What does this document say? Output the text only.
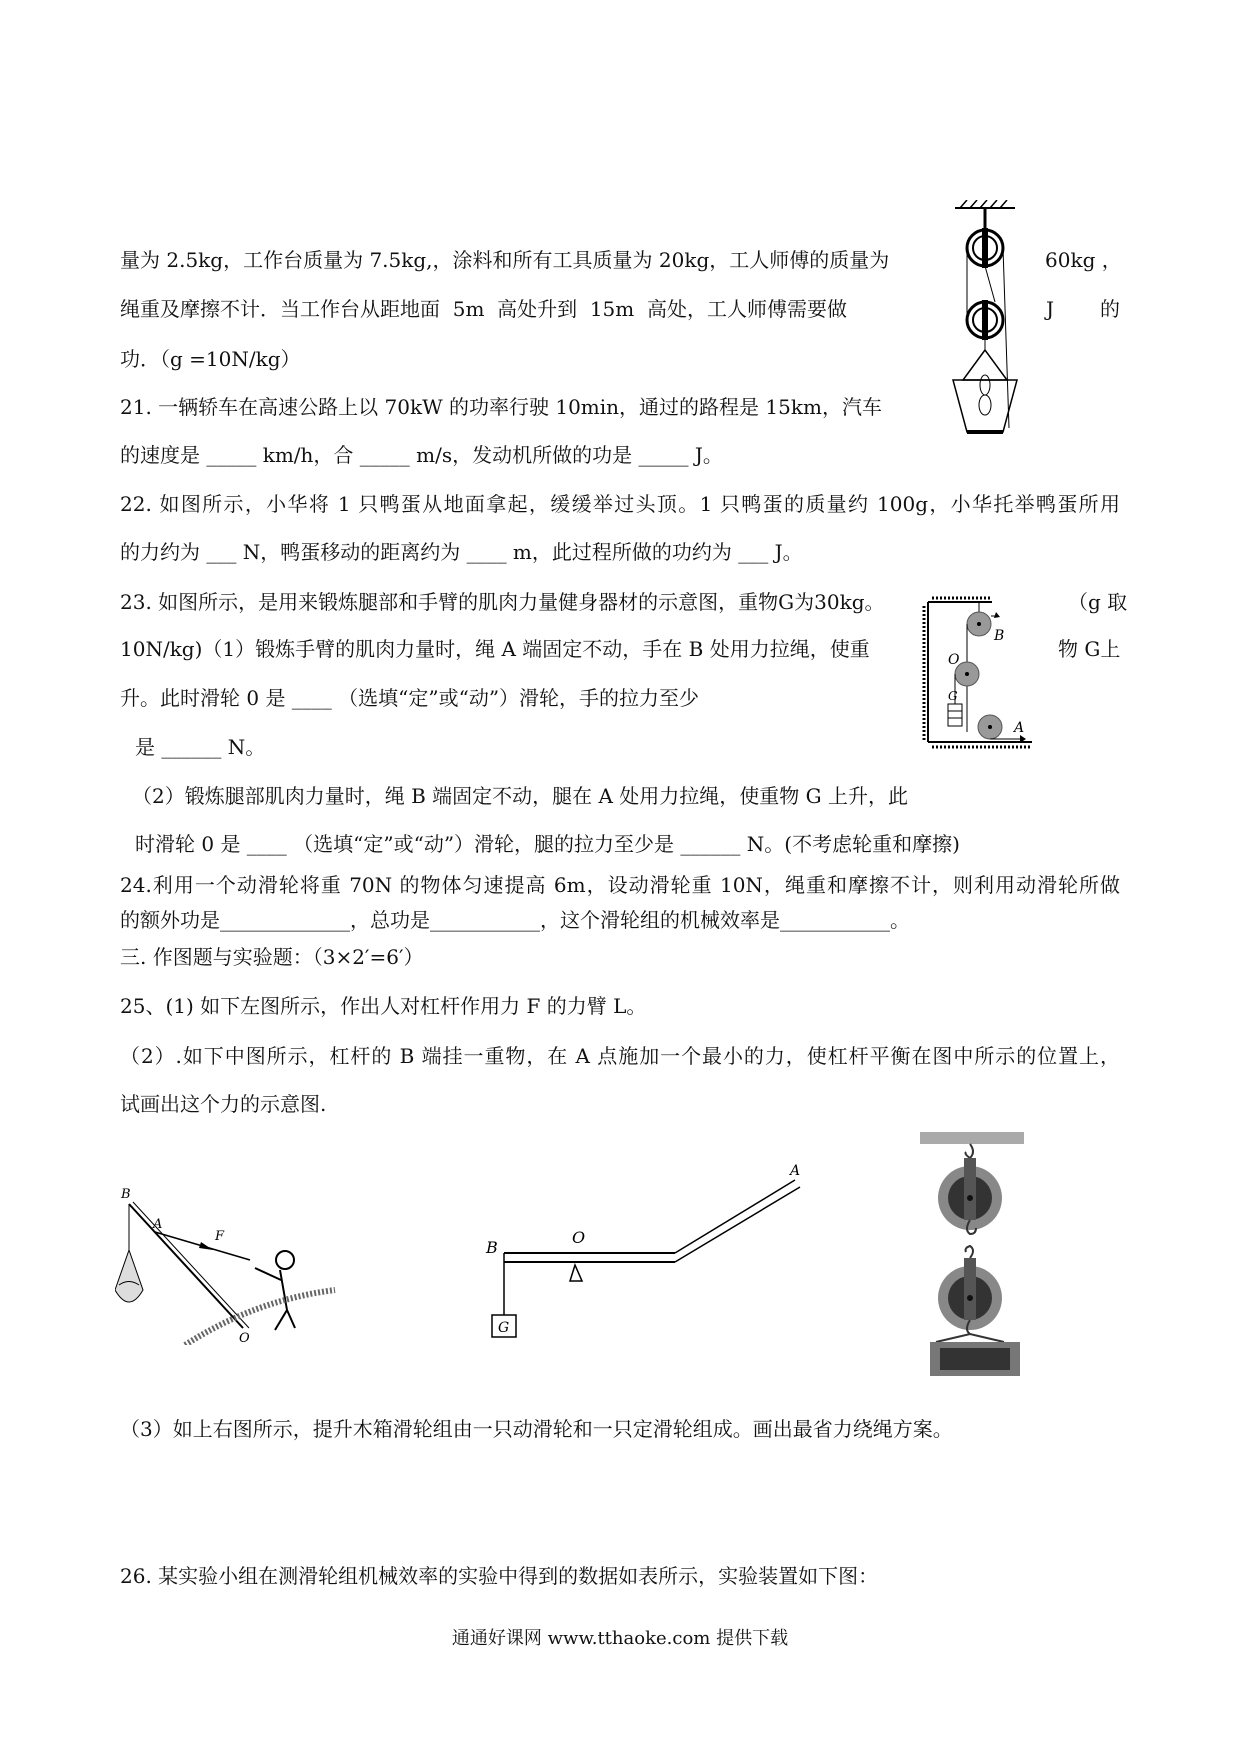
量为 2.5kg，工作台质量为 7.5kg,，涂料和所有工具质量为 20kg，工人师傅的质量为	60kg ，
绳重及摩擦不计．当工作台从距地面  5m  高处升到  15m  高处，工人师傅需要做	J 的
功．（g =10N/kg）
21. 一辆轿车在高速公路上以 70kW 的功率行驶 10min，通过的路程是 15km，汽车
的速度是 _____ km/h，合 _____ m/s，发动机所做的功是 _____ J。
22. 如图所示，小华将 1 只鸭蛋从地面拿起，缓缓举过头顶。1 只鸭蛋的质量约 100g，小华托举鸭蛋所用
的力约为 ___ N，鸭蛋移动的距离约为 ____ m，此过程所做的功约为 ___ J。
23. 如图所示，是用来锻炼腿部和手臂的肌肉力量健身器材的示意图，重物G为30kg。	（g 取
10N/kg)（1）锻炼手臂的肌肉力量时，绳 A 端固定不动，手在 B 处用力拉绳，使重	物 G上
升。此时滑轮 0 是 ____ （选填“定”或“动”）滑轮，手的拉力至少
是 ______ N。
（2）锻炼腿部肌肉力量时，绳 B 端固定不动，腿在 A 处用力拉绳，使重物 G 上升，此
时滑轮 0 是 ____ （选填“定”或“动”）滑轮，腿的拉力至少是 ______ N。(不考虑轮重和摩擦)
24.利用一个动滑轮将重 70N 的物体匀速提高 6m，设动滑轮重 10N，绳重和摩擦不计，则利用动滑轮所做
的额外功是_____________，总功是___________，这个滑轮组的机械效率是___________。
三. 作图题与实验题：（3×2′=6′）
25、(1) 如下左图所示，作出人对杠杆作用力 F 的力臂 L。
（2）.如下中图所示，杠杆的 B 端挂一重物，在 A 点施加一个最小的力，使杠杆平衡在图中所示的位置上，
试画出这个力的示意图.
（3）如上右图所示，提升木箱滑轮组由一只动滑轮和一只定滑轮组成。画出最省力绕绳方案。
26. 某实验小组在测滑轮组机械效率的实验中得到的数据如表所示，实验装置如下图：
通通好课网 www.tthaoke.com 提供下载
B
O
G
A
B
A
F
O
B
O
A
G
